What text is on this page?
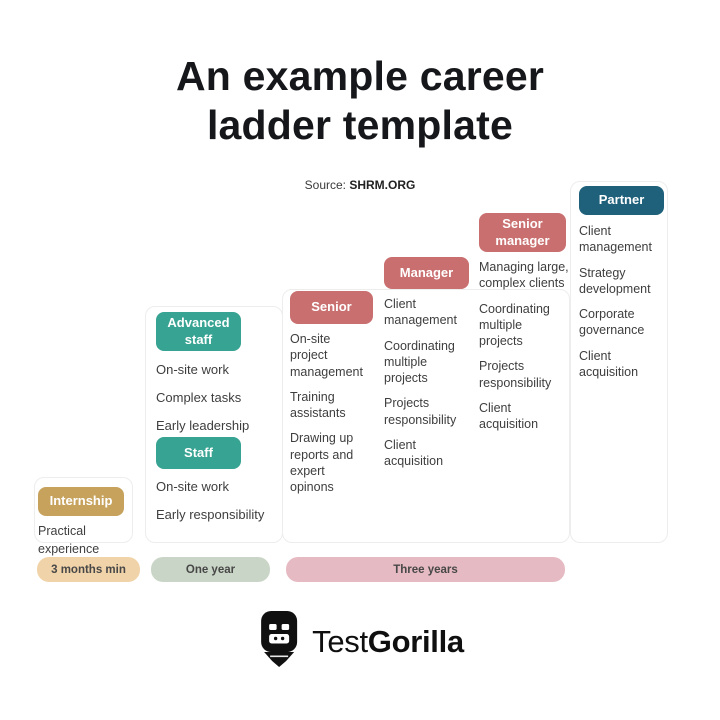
An example career
ladder template
Source: SHRM.ORG
Internship
Practical experience
Staff
On-site work
Early responsibility
Advanced staff
On-site work
Complex tasks
Early leadership
Senior
On-site project management
Training assistants
Drawing up reports and expert opinons
Manager
Client management
Coordinating multiple projects
Projects responsibility
Client acquisition
Senior manager
Managing large, complex clients
Coordinating multiple projects
Projects responsibility
Client acquisition
Partner
Client management
Strategy development
Corporate governance
Client acquisition
3 months min	One year	Three years
TestGorilla
